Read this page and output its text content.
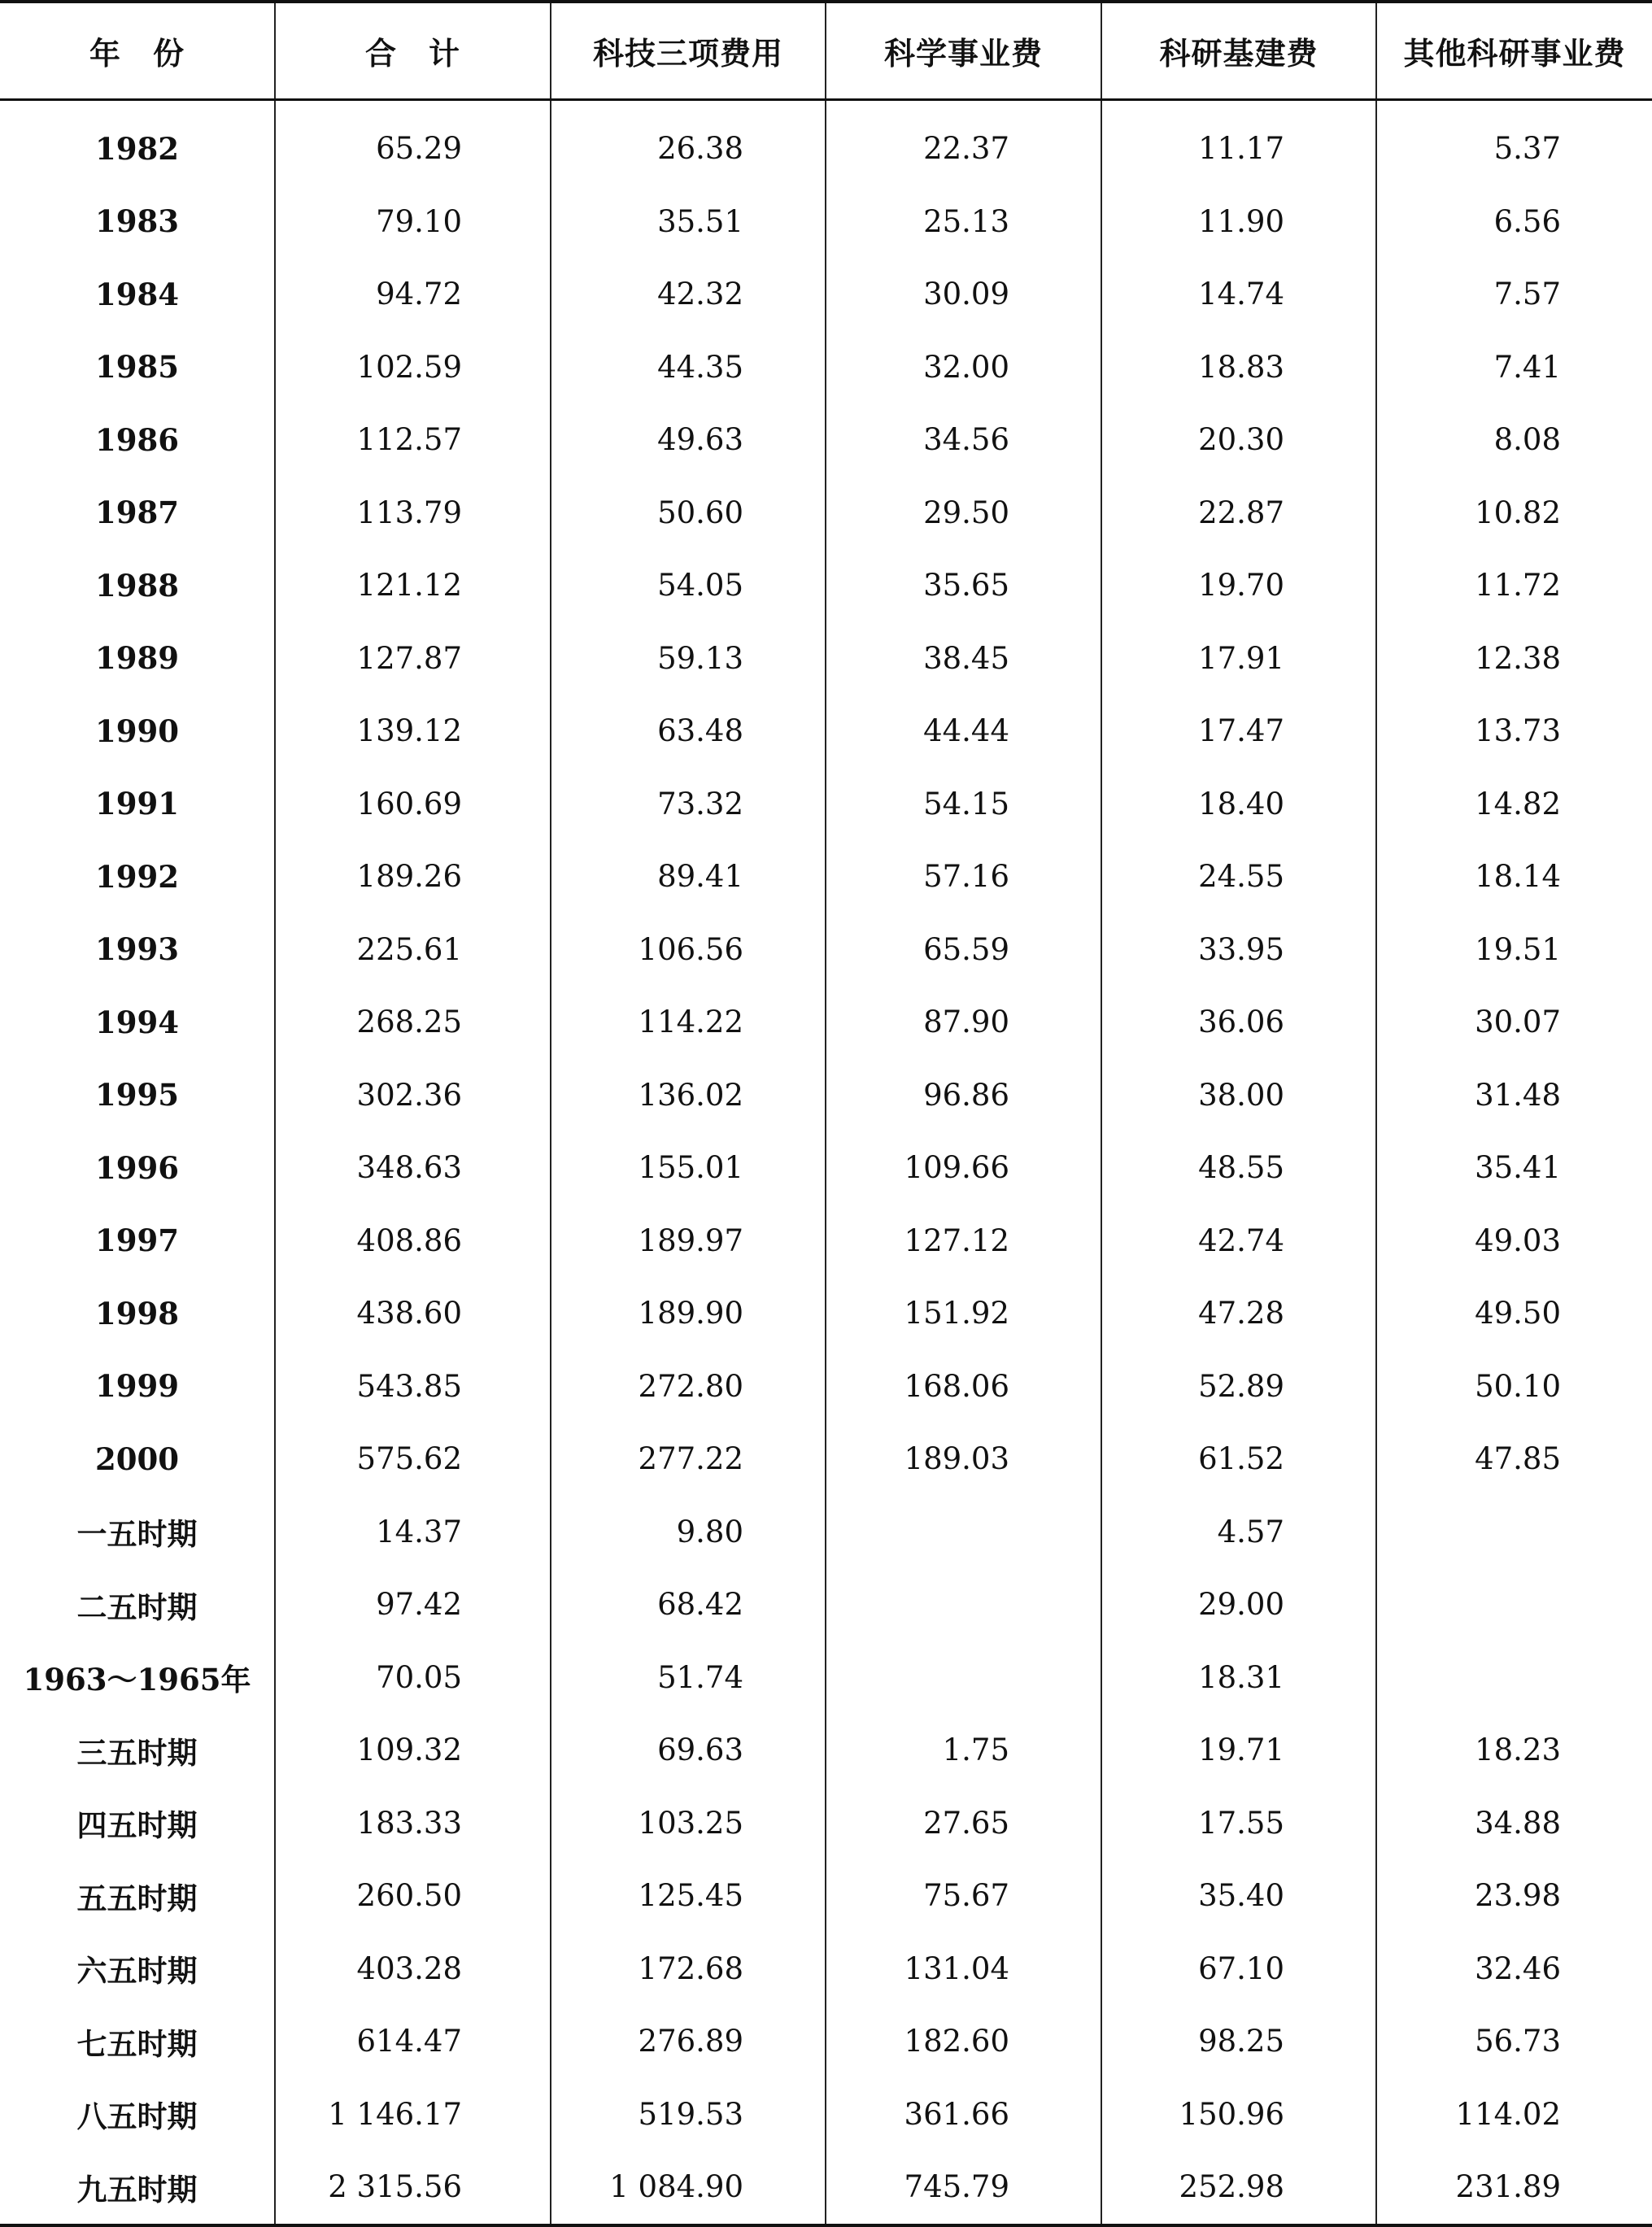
年　份	合　计	科技三项费用	科学事业费	科研基建费	其他科研事业费
1982	65.29	26.38	22.37	11.17	5.37
1983	79.10	35.51	25.13	11.90	6.56
1984	94.72	42.32	30.09	14.74	7.57
1985	102.59	44.35	32.00	18.83	7.41
1986	112.57	49.63	34.56	20.30	8.08
1987	113.79	50.60	29.50	22.87	10.82
1988	121.12	54.05	35.65	19.70	11.72
1989	127.87	59.13	38.45	17.91	12.38
1990	139.12	63.48	44.44	17.47	13.73
1991	160.69	73.32	54.15	18.40	14.82
1992	189.26	89.41	57.16	24.55	18.14
1993	225.61	106.56	65.59	33.95	19.51
1994	268.25	114.22	87.90	36.06	30.07
1995	302.36	136.02	96.86	38.00	31.48
1996	348.63	155.01	109.66	48.55	35.41
1997	408.86	189.97	127.12	42.74	49.03
1998	438.60	189.90	151.92	47.28	49.50
1999	543.85	272.80	168.06	52.89	50.10
2000	575.62	277.22	189.03	61.52	47.85
一五时期	14.37	9.80		4.57	
二五时期	97.42	68.42		29.00	
1963～1965年	70.05	51.74		18.31	
三五时期	109.32	69.63	1.75	19.71	18.23
四五时期	183.33	103.25	27.65	17.55	34.88
五五时期	260.50	125.45	75.67	35.40	23.98
六五时期	403.28	172.68	131.04	67.10	32.46
七五时期	614.47	276.89	182.60	98.25	56.73
八五时期	1 146.17	519.53	361.66	150.96	114.02
九五时期	2 315.56	1 084.90	745.79	252.98	231.89
